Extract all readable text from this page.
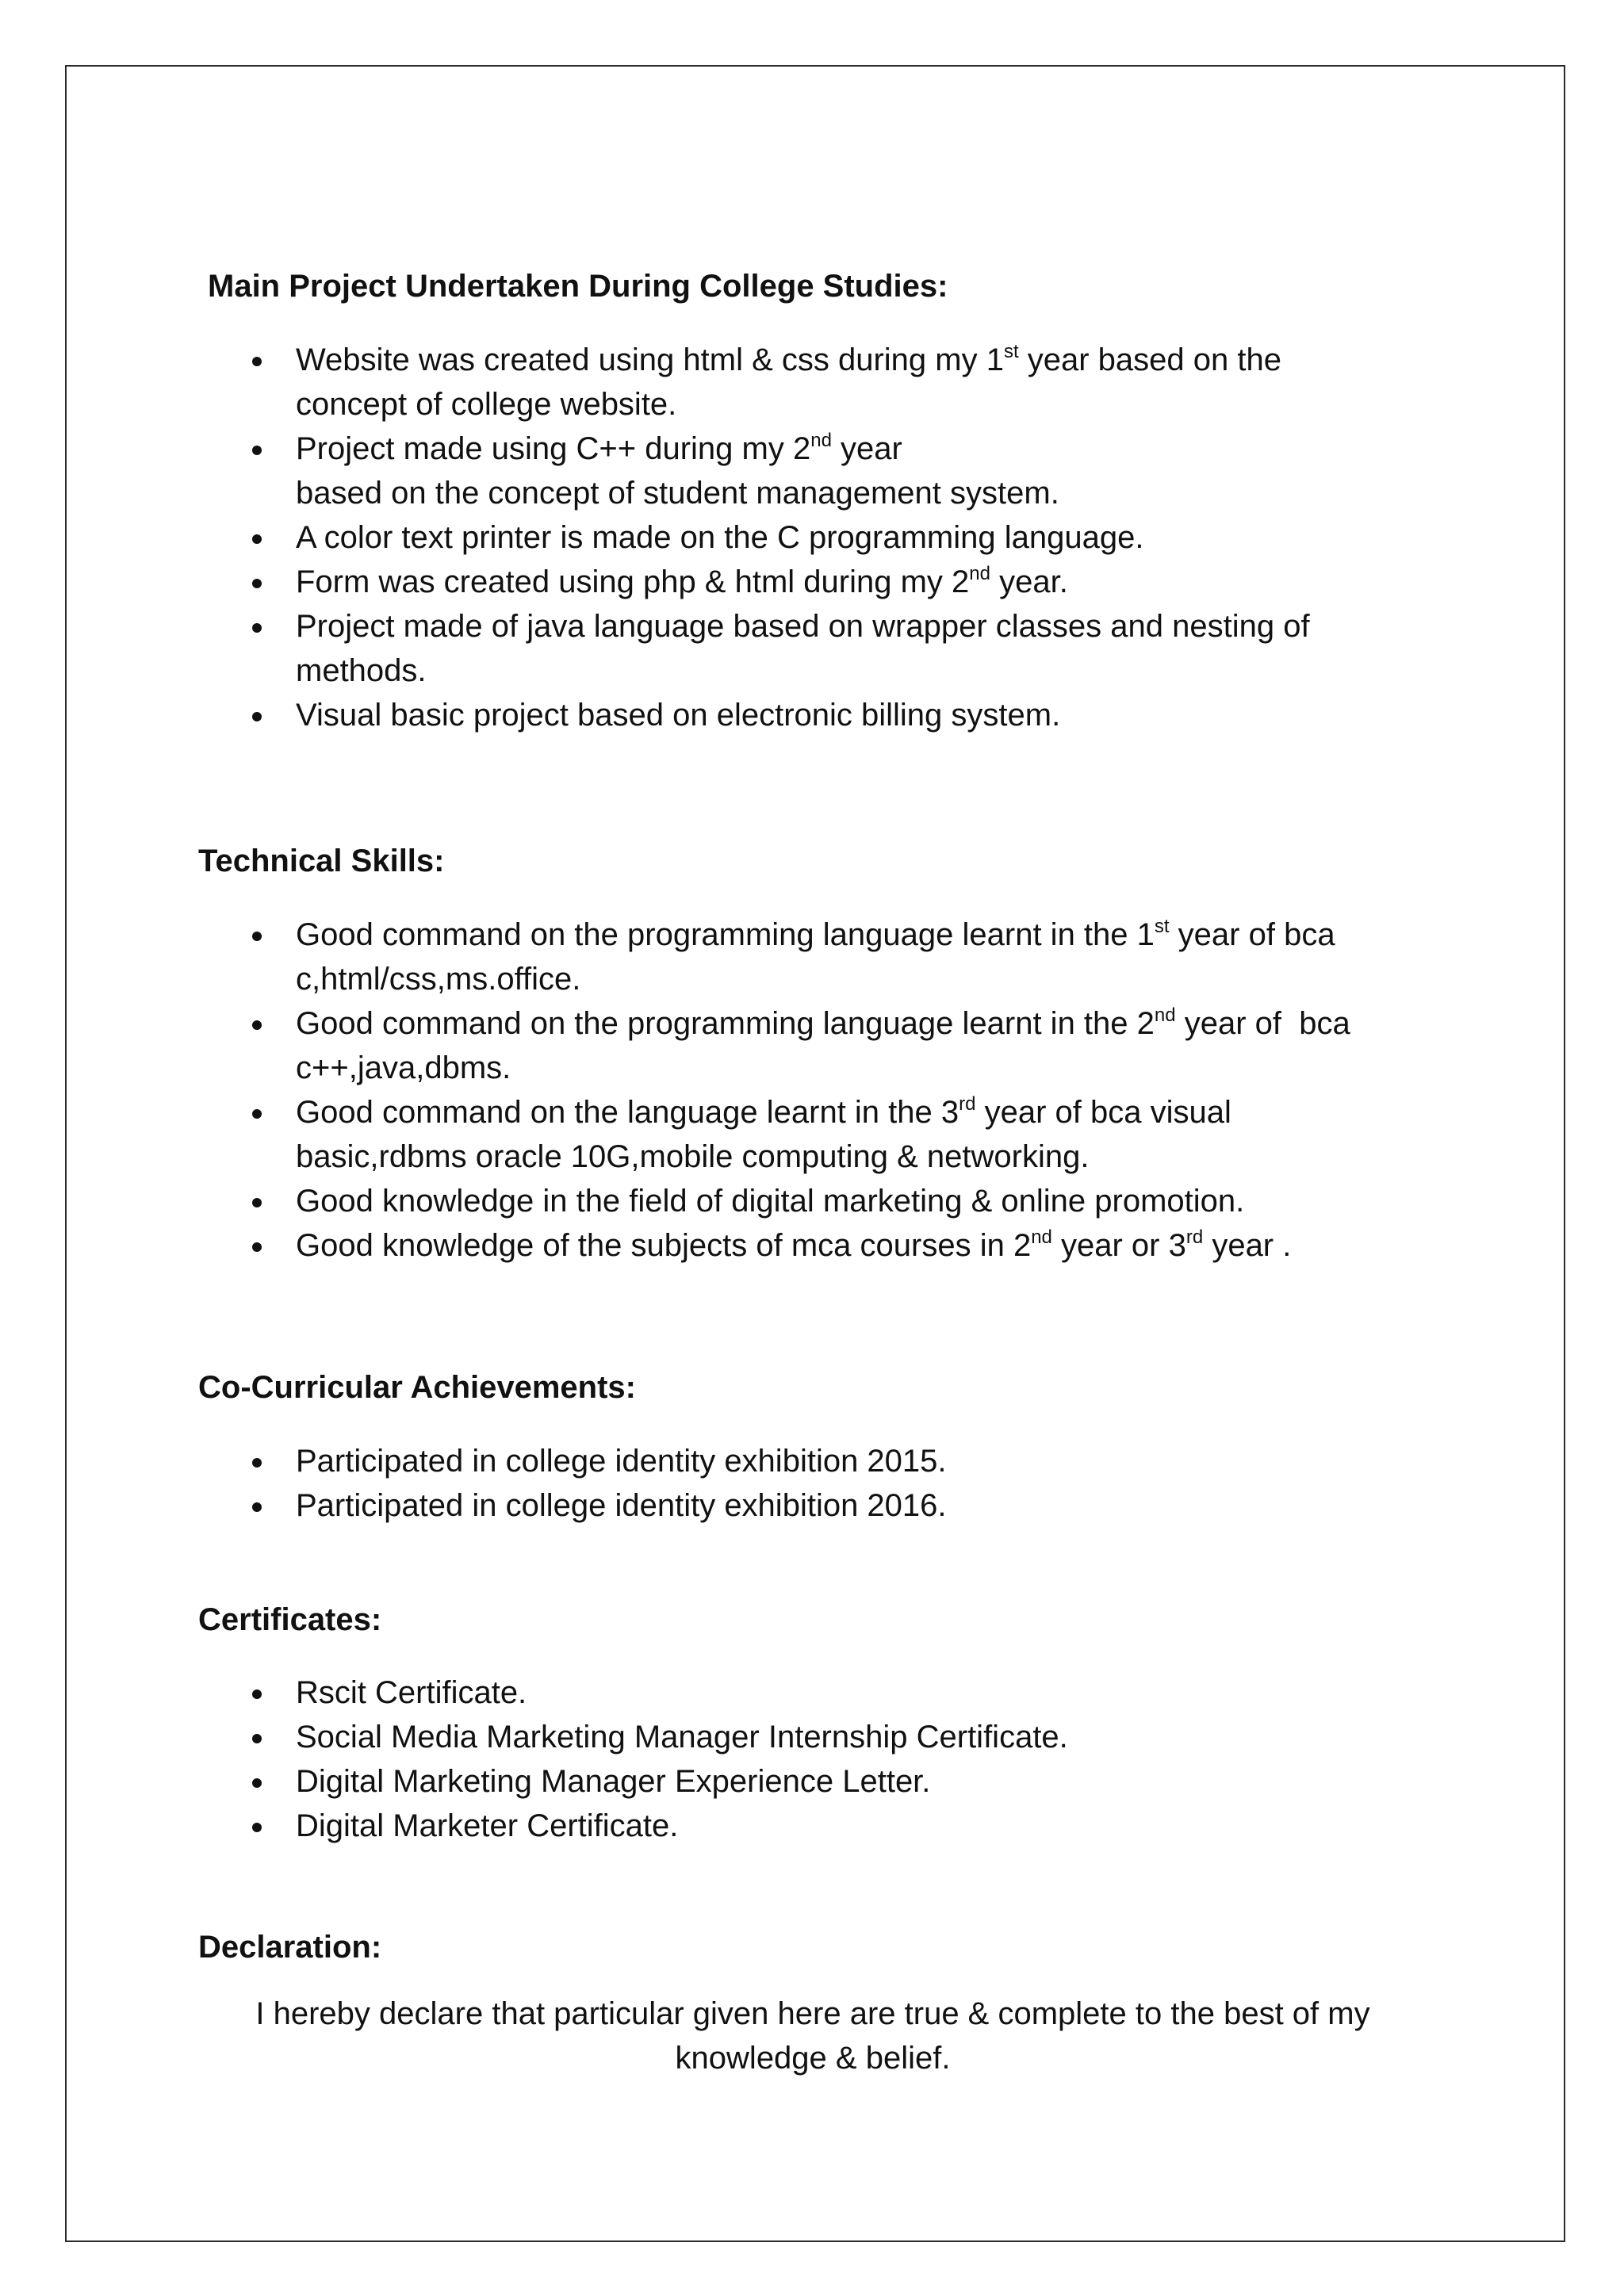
Main Project Undertaken During College Studies:
Website was created using html & css during my 1st year based on the
concept of college website.
Project made using C++ during my 2nd year
based on the concept of student management system.
A color text printer is made on the C programming language.
Form was created using php & html during my 2nd year.
Project made of java language based on wrapper classes and nesting of
methods.
Visual basic project based on electronic billing system.
Technical Skills:
Good command on the programming language learnt in the 1st year of bca
c,html/css,ms.office.
Good command on the programming language learnt in the 2nd year of  bca
c++,java,dbms.
Good command on the language learnt in the 3rd year of bca visual
basic,rdbms oracle 10G,mobile computing & networking.
Good knowledge in the field of digital marketing & online promotion.
Good knowledge of the subjects of mca courses in 2nd year or 3rd year .
Co-Curricular Achievements:
Participated in college identity exhibition 2015.
Participated in college identity exhibition 2016.
Certificates:
Rscit Certificate.
Social Media Marketing Manager Internship Certificate.
Digital Marketing Manager Experience Letter.
Digital Marketer Certificate.
Declaration:
I hereby declare that particular given here are true & complete to the best of my
knowledge & belief.
